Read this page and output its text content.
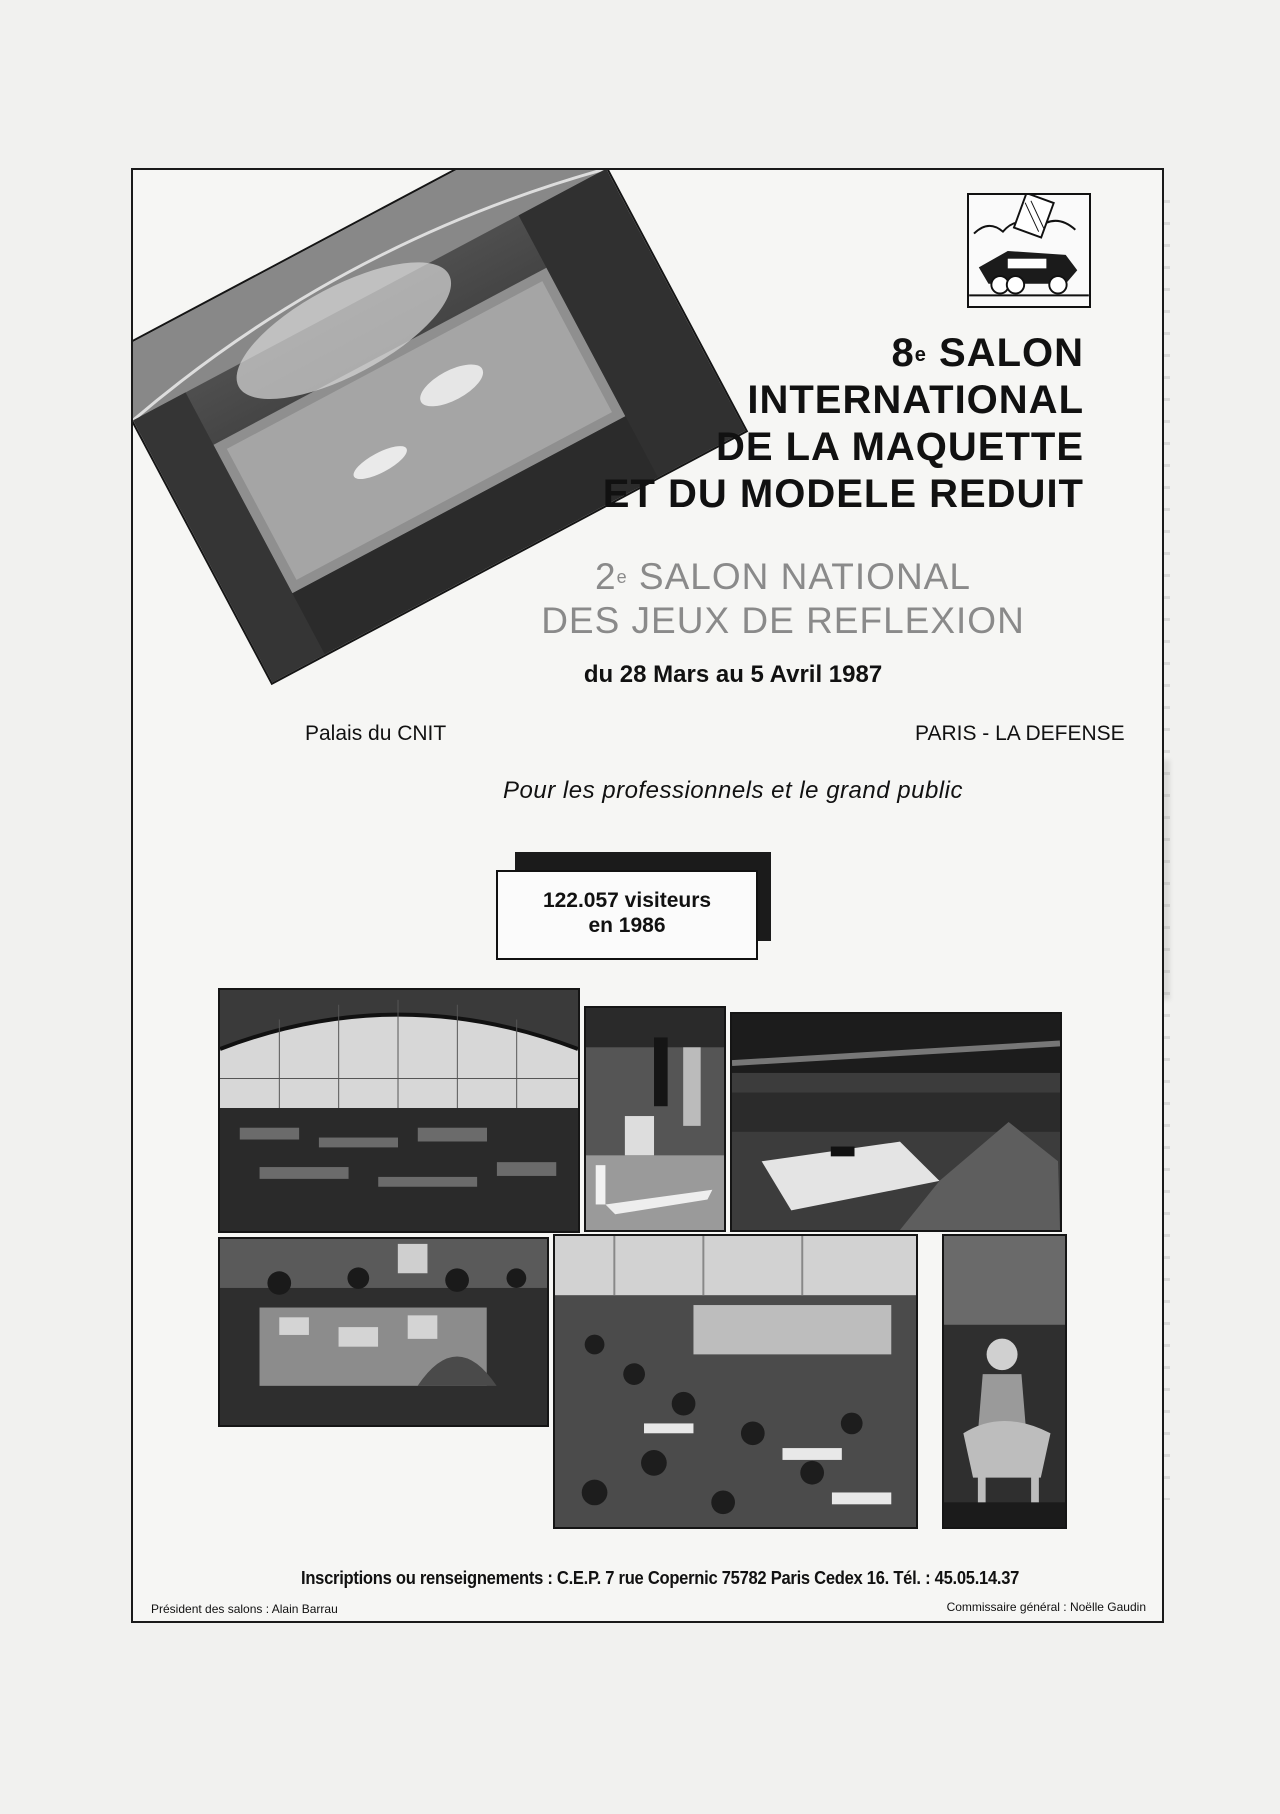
8e SALON
INTERNATIONAL
DE LA MAQUETTE
ET DU MODELE REDUIT
2e SALON NATIONAL
DES JEUX DE REFLEXION
du 28 Mars au 5 Avril 1987
Palais du CNIT	PARIS - LA DEFENSE
Pour les professionnels et le grand public
122.057 visiteurs
en 1986
Inscriptions ou renseignements : C.E.P. 7 rue Copernic 75782 Paris Cedex 16. Tél. : 45.05.14.37
Président des salons : Alain Barrau	Commissaire général : Noëlle Gaudin
